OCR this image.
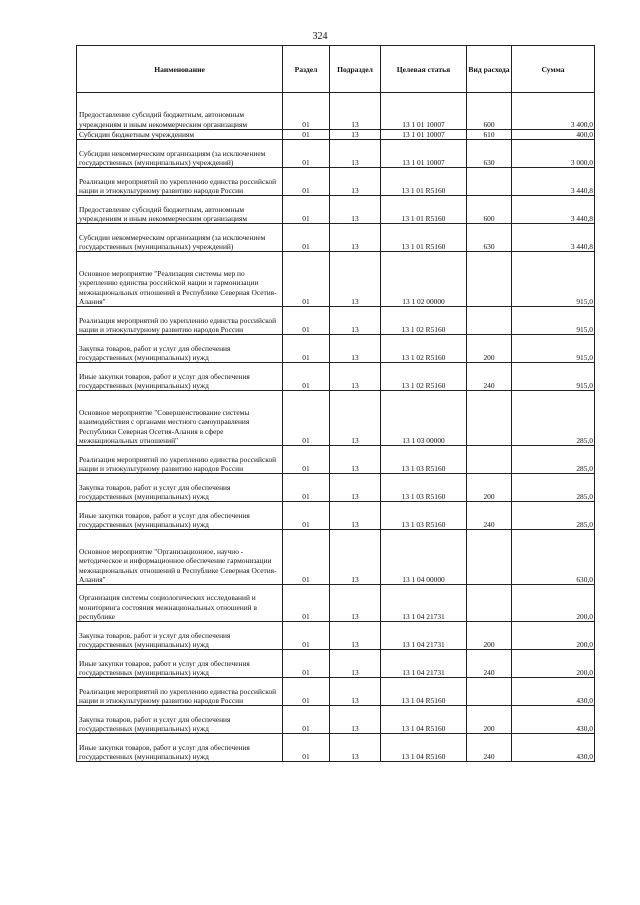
324
Наименование	Раздел	Подраздел	Целевая статья	Вид расхода	Сумма
Предоставление субсидий бюджетным, автономным учреждениям и иным некоммерческим организациям	01	13	13 1 01 10007	600	3 400,0
Субсидии бюджетным учреждениям	01	13	13 1 01 10007	610	400,0
Субсидии некоммерческим организациям (за исключением государственных (муниципальных) учреждений)	01	13	13 1 01 10007	630	3 000,0
Реализация мероприятий по укреплению единства российской нации и этнокультурному развитию народов России	01	13	13 1 01 R5160		3 440,8
Предоставление субсидий бюджетным, автономным учреждениям и иным некоммерческим организациям	01	13	13 1 01 R5160	600	3 440,8
Субсидии некоммерческим организациям (за исключением государственных (муниципальных) учреждений)	01	13	13 1 01 R5160	630	3 440,8
Основное мероприятие "Реализация системы мер по укреплению единства российской нации и гармонизации межнациональных отношений в Республике Северная Осетия-Алания"	01	13	13 1 02 00000		915,0
Реализация мероприятий по укреплению единства российской нации и этнокультурному развитию народов России	01	13	13 1 02 R5160		915,0
Закупка товаров, работ и услуг для обеспечения государственных (муниципальных) нужд	01	13	13 1 02 R5160	200	915,0
Иные закупки товаров, работ и услуг для обеспечения государственных (муниципальных) нужд	01	13	13 1 02 R5160	240	915,0
Основное мероприятие "Совершенствование системы взаимодействия с органами местного самоуправления Республики Северная Осетия-Алания в сфере межнациональных отношений"	01	13	13 1 03 00000		285,0
Реализация мероприятий по укреплению единства российской нации и этнокультурному развитию народов России	01	13	13 1 03 R5160		285,0
Закупка товаров, работ и услуг для обеспечения государственных (муниципальных) нужд	01	13	13 1 03 R5160	200	285,0
Иные закупки товаров, работ и услуг для обеспечения государственных (муниципальных) нужд	01	13	13 1 03 R5160	240	285,0
Основное мероприятие "Организационное, научно - методическое и информационное обеспечение гармонизации межнациональных отношений в Республике Северная Осетия-Алания"	01	13	13 1 04 00000		630,0
Организация системы социологических исследований и мониторинга состояния межнациональных отношений в республике	01	13	13 1 04 21731		200,0
Закупка товаров, работ и услуг для обеспечения государственных (муниципальных) нужд	01	13	13 1 04 21731	200	200,0
Иные закупки товаров, работ и услуг для обеспечения государственных (муниципальных) нужд	01	13	13 1 04 21731	240	200,0
Реализация мероприятий по укреплению единства российской нации и этнокультурному развитию народов России	01	13	13 1 04 R5160		430,0
Закупка товаров, работ и услуг для обеспечения государственных (муниципальных) нужд	01	13	13 1 04 R5160	200	430,0
Иные закупки товаров, работ и услуг для обеспечения государственных (муниципальных) нужд	01	13	13 1 04 R5160	240	430,0
